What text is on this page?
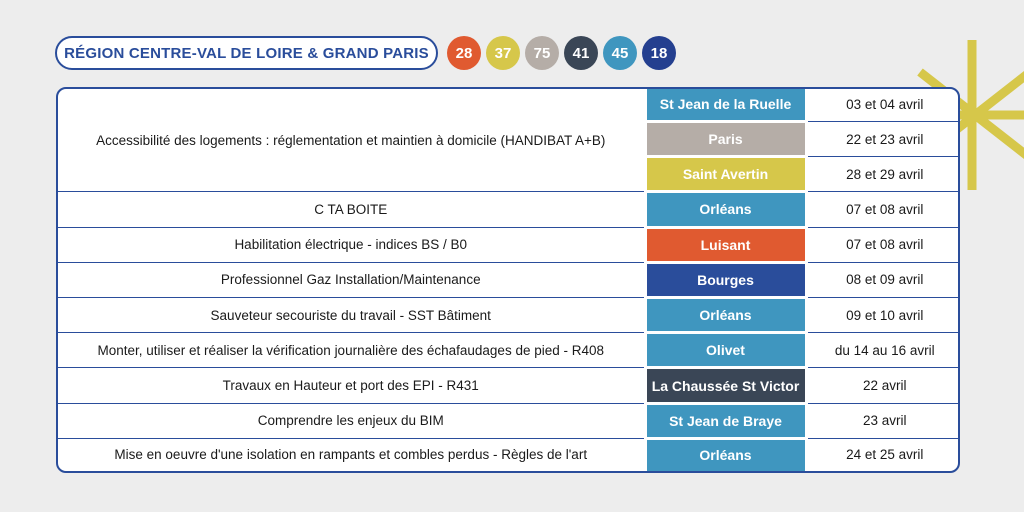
RÉGION CENTRE-VAL DE LOIRE & GRAND PARIS	28	37	75	41	45	18
Accessibilité des logements : réglementation et maintien à domicile (HANDIBAT A+B)	St Jean de la Ruelle	03 et 04 avril
	Paris	22 et 23 avril
	Saint Avertin	28 et 29 avril
C TA BOITE	Orléans	07 et 08 avril
Habilitation électrique - indices BS / B0	Luisant	07 et 08 avril
Professionnel Gaz Installation/Maintenance	Bourges	08 et 09 avril
Sauveteur secouriste du travail - SST Bâtiment	Orléans	09 et 10 avril
Monter, utiliser et réaliser la vérification journalière des échafaudages de pied - R408	Olivet	du 14 au 16 avril
Travaux en Hauteur et port des EPI - R431	La Chaussée St Victor	22 avril
Comprendre les enjeux du BIM	St Jean de Braye	23 avril
Mise en oeuvre d'une isolation en rampants et combles perdus - Règles de l'art	Orléans	24 et 25 avril
